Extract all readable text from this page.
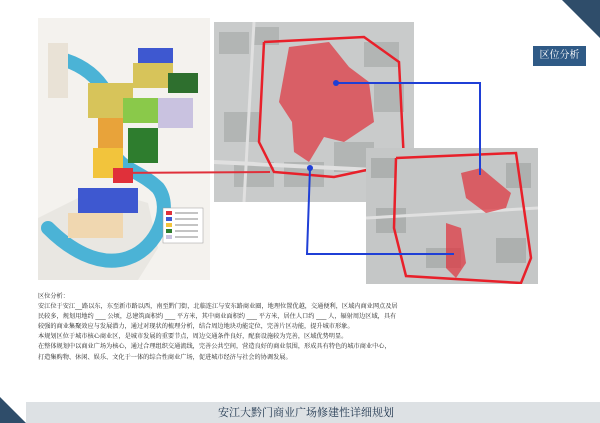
区位分析

区位分析：

安江位于安江__路以东，东至新市路以西，南至黔门街，北临连江与安东路商业圈，地理位置优越，交通便利，区域内商业网点及居

民较多，规划用地约 ___ 公顷，总建筑面积约 ___ 平方米，其中商业面积约 ___ 平方米，居住人口约 ___ 人，辐射周边区域，具有

较强的商业集聚效应与发展潜力，通过对现状的梳理分析，结合周边地块功能定位，完善片区功能，提升城市形象。

本规划区位于城市核心商业区，是城市发展的重要节点，周边交通条件良好，配套设施较为完善，区域优势明显。

在整体规划中以商业广场为核心，通过合理组织交通流线，完善公共空间，营造良好的商业氛围，形成具有特色的城市商业中心，

打造集购物、休闲、娱乐、文化于一体的综合性商业广场，促进城市经济与社会的协调发展。

安江大黔门商业广场修建性详细规划
